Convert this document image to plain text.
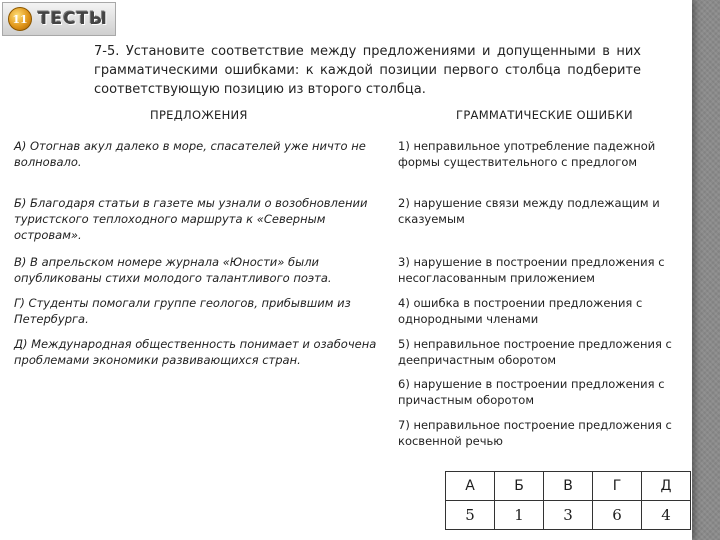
11 ТЕСТЫ
7-5. Установите соответствие между предложениями и допущенными в них грамматическими ошибками: к каждой позиции первого столбца подберите соответствующую позицию из второго столбца.
ПРЕДЛОЖЕНИЯ	ГРАММАТИЧЕСКИЕ ОШИБКИ
А) Отогнав акул далеко в море, спасателей уже ничто не волновало.
Б) Благодаря статьи в газете мы узнали о возобновлении туристского теплоходного маршрута к «Северным островам».
В) В апрельском номере журнала «Юности» были опубликованы стихи молодого талантливого поэта.
Г) Студенты помогали группе геологов, прибывшим из Петербурга.
Д) Международная общественность понимает и озабочена проблемами экономики развивающихся стран.
1) неправильное употребление падежной формы существительного с предлогом
2) нарушение связи между подлежащим и сказуемым
3) нарушение в построении предложения с несогласованным приложением
4) ошибка в построении предложения с однородными членами
5) неправильное построение предложения с деепричастным оборотом
6) нарушение в построении предложения с причастным оборотом
7) неправильное построение предложения с косвенной речью
А	Б	В	Г	Д
5	1	3	6	4
